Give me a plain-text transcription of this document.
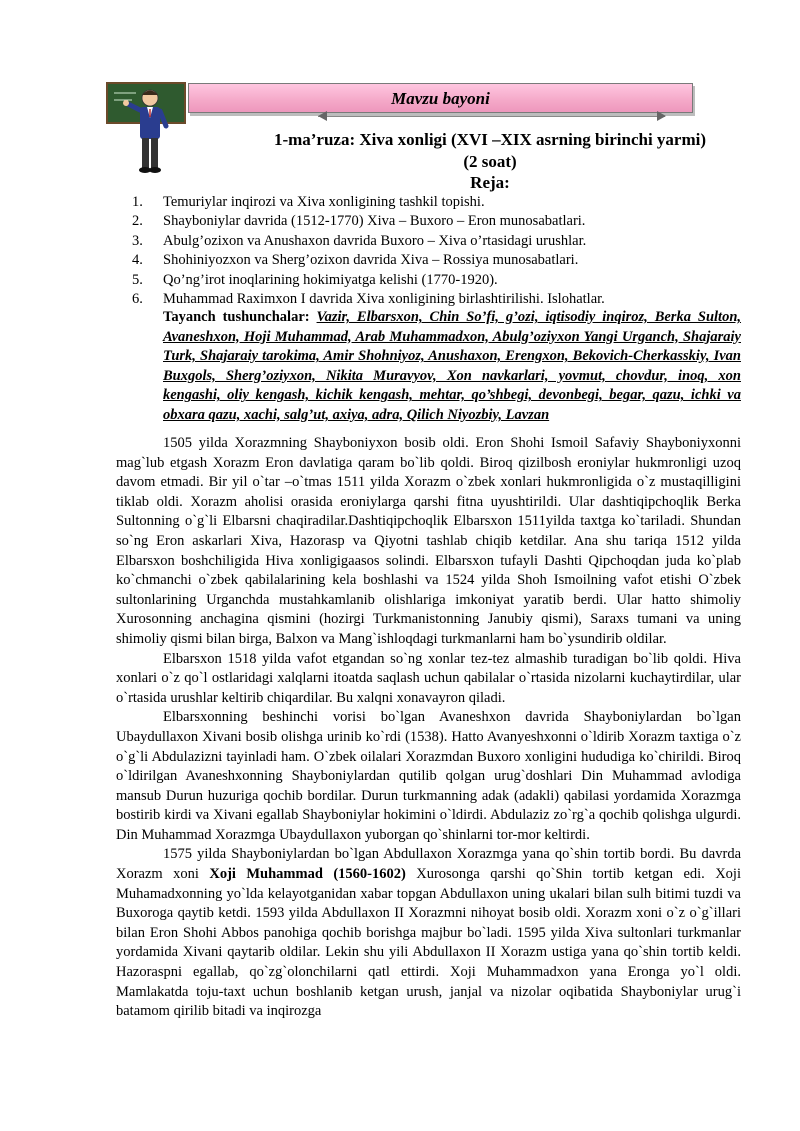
Mavzu bayoni
1-ma’ruza: Xiva xonligi (XVI –XIX asrning birinchi yarmi)
(2 soat)
Reja:
1.	Temuriylar inqirozi va Xiva xonligining tashkil topishi.
2.	Shayboniylar davrida (1512-1770) Xiva – Buxoro – Eron munosabatlari.
3.	Abulg’ozixon va Anushaxon davrida Buxoro – Xiva o’rtasidagi urushlar.
4.	Shohiniyozxon va Sherg’ozixon davrida Xiva – Rossiya munosabatlari.
5.	Qo’ng’irot inoqlarining hokimiyatga kelishi (1770-1920).
6.	Muhammad Raximxon I davrida Xiva xonligining birlashtirilishi. Islohatlar.
Tayanch tushunchalar: Vazir, Elbarsxon, Chin So’fi, g’ozi, iqtisodiy inqiroz, Berka Sulton, Avaneshxon, Hoji Muhammad, Arab Muhammadxon, Abulg’oziyxon Yangi Urganch, Shajaraiy Turk, Shajaraiy tarokima, Amir Shohniyoz, Anushaxon, Erengxon, Bekovich-Cherkasskiy, Ivan Buxgols, Sherg’oziyxon, Nikita Muravyov, Xon navkarlari, yovmut, chovdur, inoq, xon kengashi, oliy kengash, kichik kengash, mehtar, qo’shbegi, devonbegi, begar, qazu, ichki va obxara qazu, xachi, salg’ut, axiya, adra, Qilich Niyozbiy, Lavzan

1505 yilda Xorazmning Shayboniyxon bosib oldi. Eron Shohi Ismoil Safaviy Shayboniyxonni mag`lub etgash Xorazm Eron davlatiga qaram bo`lib qoldi. Biroq qizilbosh eroniylar hukmronligi uzoq davom etmadi. Bir yil o`tar –o`tmas 1511 yilda Xorazm o`zbek xonlari hukmronligida o`z mustaqilligini tiklab oldi. Xorazm aholisi orasida eroniylarga qarshi fitna uyushtirildi. Ular dashtiqipchoqlik Berka Sultonning o`g`li Elbarsni chaqiradilar.Dashtiqipchoqlik Elbarsxon 1511yilda taxtga ko`tariladi. Shundan so`ng Eron askarlari Xiva, Hazorasp va Qiyotni tashlab chiqib ketdilar. Ana shu tariqa 1512 yilda Elbarsxon boshchiligida Hiva xonligigaasos solindi. Elbarsxon tufayli Dashti Qipchoqdan juda ko`plab ko`chmanchi o`zbek qabilalarining kela boshlashi va 1524 yilda Shoh Ismoilning vafot etishi O`zbek sultonlarining Urganchda mustahkamlanib olishlariga imkoniyat yaratib berdi. Ular hatto shimoliy Xurosonning anchagina qismini (hozirgi Turkmanistonning Janubiy qismi), Saraxs tumani va uning shimoliy qismi bilan birga, Balxon va Mang`ishloqdagi turkmanlarni ham bo`ysundirib oldilar.

Elbarsxon 1518 yilda vafot etgandan so`ng xonlar tez-tez almashib turadigan bo`lib qoldi. Hiva xonlari o`z qo`l ostlaridagi xalqlarni itoatda saqlash uchun qabilalar o`rtasida nizolarni kuchaytirdilar, ular o`rtasida urushlar keltirib chiqardilar. Bu xalqni xonavayron qiladi.

Elbarsxonning beshinchi vorisi bo`lgan Avaneshxon davrida Shayboniylardan bo`lgan Ubaydullaxon Xivani bosib olishga urinib ko`rdi (1538). Hatto Avanyeshxonni o`ldirib Xorazm taxtiga o`z o`g`li Abdulazizni tayinladi ham. O`zbek oilalari Xorazmdan Buxoro xonligini hududiga ko`chirildi. Biroq o`ldirilgan Avaneshxonning Shayboniylardan qutilib qolgan urug`doshlari Din Muhammad avlodiga mansub Durun huzuriga qochib bordilar. Durun turkmanning adak (adakli) qabilasi yordamida Xorazmga bostirib kirdi va Xivani egallab Shayboniylar hokimini o`ldirdi. Abdulaziz zo`rg`a qochib qolishga ulgurdi. Din Muhammad Xorazmga Ubaydullaxon yuborgan qo`shinlarni tor-mor keltirdi.

1575 yilda Shayboniylardan bo`lgan Abdullaxon Xorazmga yana qo`shin tortib bordi. Bu davrda Xorazm xoni Xoji Muhammad (1560-1602) Xurosonga qarshi qo`Shin tortib ketgan edi. Xoji Muhamadxonning yo`lda kelayotganidan xabar topgan Abdullaxon uning ukalari bilan sulh bitimi tuzdi va Buxoroga qaytib ketdi. 1593 yilda Abdullaxon II Xorazmni nihoyat bosib oldi. Xorazm xoni o`z o`g`illari bilan Eron Shohi Abbos panohiga qochib borishga majbur bo`ladi. 1595 yilda Xiva sultonlari turkmanlar yordamida Xivani qaytarib oldilar. Lekin shu yili Abdullaxon II Xorazm ustiga yana qo`shin tortib keldi. Hazoraspni egallab, qo`zg`olonchilarni qatl ettirdi. Xoji Muhammadxon yana Eronga yo`l oldi. Mamlakatda toju-taxt uchun boshlanib ketgan urush, janjal va nizolar oqibatida Shayboniylar urug`i batamom qirilib bitadi va inqirozga
